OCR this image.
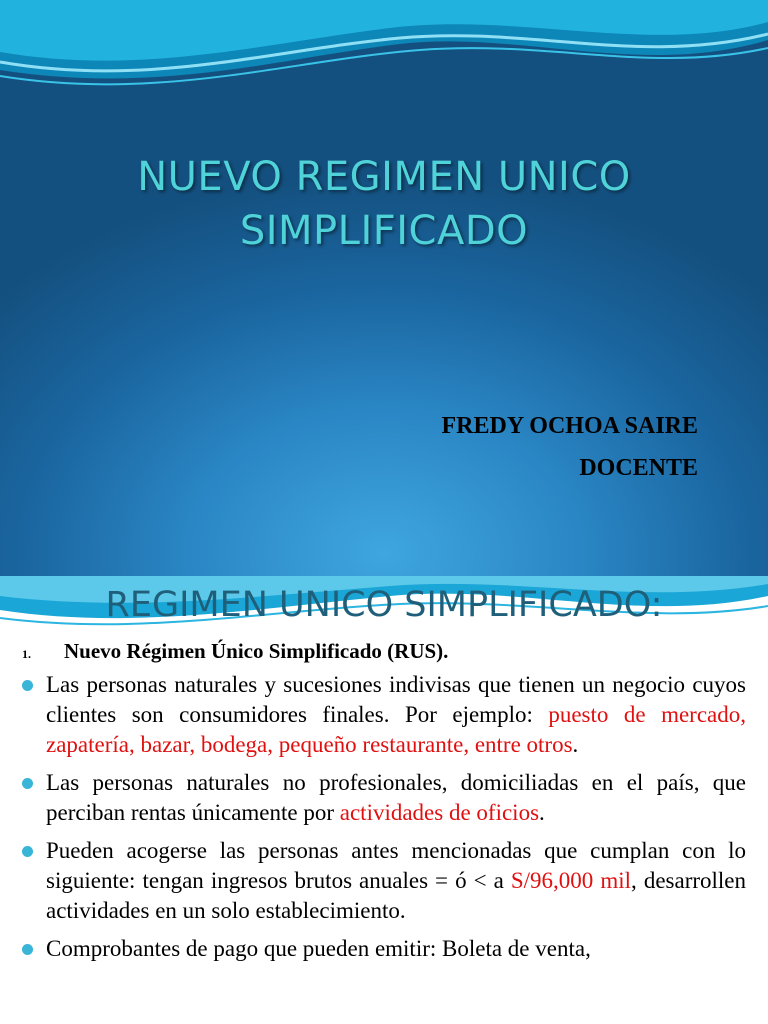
NUEVO REGIMEN UNICO
SIMPLIFICADO
FREDY OCHOA SAIRE
DOCENTE
REGIMEN UNICO SIMPLIFICADO:
1. Nuevo Régimen Único Simplificado (RUS).
Las personas naturales y sucesiones indivisas que tienen un negocio cuyos clientes son consumidores finales. Por ejemplo: puesto de mercado, zapatería, bazar, bodega, pequeño restaurante, entre otros.
Las personas naturales no profesionales, domiciliadas en el país, que perciban rentas únicamente por actividades de oficios.
Pueden acogerse las personas antes mencionadas que cumplan con lo siguiente: tengan ingresos brutos anuales = ó < a S/96,000 mil, desarrollen actividades en un solo establecimiento.
Comprobantes de pago que pueden emitir: Boleta de venta,
